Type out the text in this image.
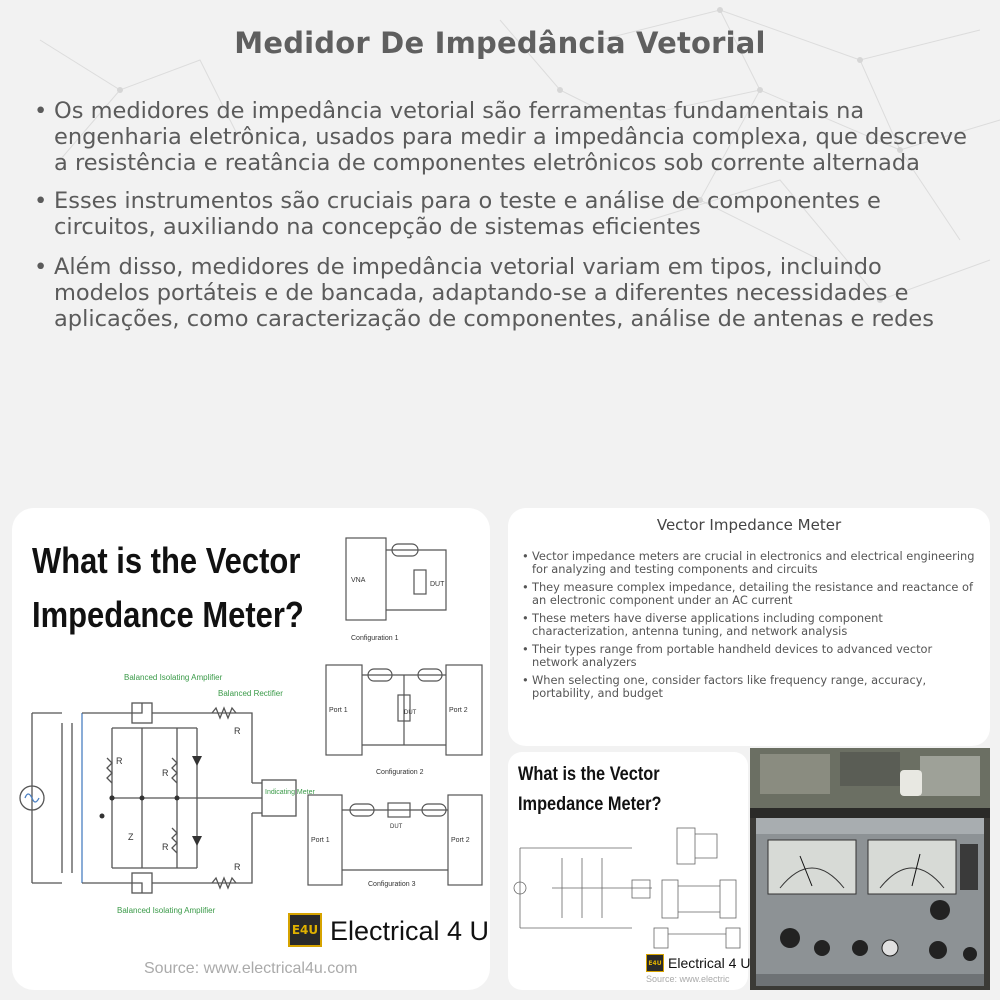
Medidor De Impedância Vetorial
• Os medidores de impedância vetorial são ferramentas fundamentais na engenharia eletrônica, usados para medir a impedância complexa, que descreve a resistência e reatância de componentes eletrônicos sob corrente alternada
• Esses instrumentos são cruciais para o teste e análise de componentes e circuitos, auxiliando na concepção de sistemas eficientes
• Além disso, medidores de impedância vetorial variam em tipos, incluindo modelos portáteis e de bancada, adaptando-se a diferentes necessidades e aplicações, como caracterização de componentes, análise de antenas e redes
What is the Vector
Impedance Meter?
Balanced Isolating Amplifier
Balanced Isolating Amplifier
Balanced Rectifier
Indicating Meter
R
R
R
R
R
Z
VNA
DUT
Configuration 1
Port 1	Port 2
DUT
Configuration 2
Port 1	Port 2
DUT
Configuration 3
E4U Electrical 4 U
Source: www.electrical4u.com
Vector Impedance Meter
• Vector impedance meters are crucial in electronics and electrical engineering for analyzing and testing components and circuits
• They measure complex impedance, detailing the resistance and reactance of an electronic component under an AC current
• These meters have diverse applications including component characterization, antenna tuning, and network analysis
• Their types range from portable handheld devices to advanced vector network analyzers
• When selecting one, consider factors like frequency range, accuracy, portability, and budget
What is the Vector
Impedance Meter?
E4U Electrical 4 U
Source: www.electric
